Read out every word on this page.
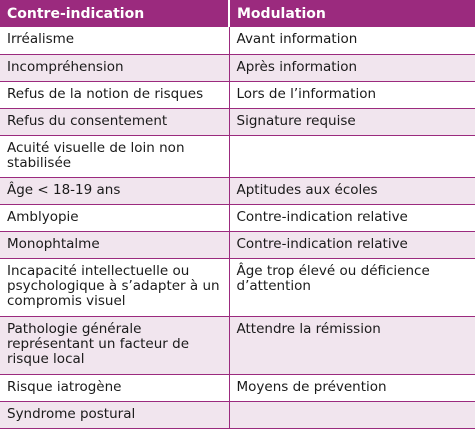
Contre-indication	Modulation
Irréalisme	Avant information
Incompréhension	Après information
Refus de la notion de risques	Lors de l’information
Refus du consentement	Signature requise
Acuité visuelle de loin non stabilisée	
Âge < 18-19 ans	Aptitudes aux écoles
Amblyopie	Contre-indication relative
Monophtalme	Contre-indication relative
Incapacité intellectuelle ou psychologique à s’adapter à un compromis visuel	Âge trop élevé ou déficience d’attention
Pathologie générale représentant un facteur de risque local	Attendre la rémission
Risque iatrogène	Moyens de prévention
Syndrome postural	
